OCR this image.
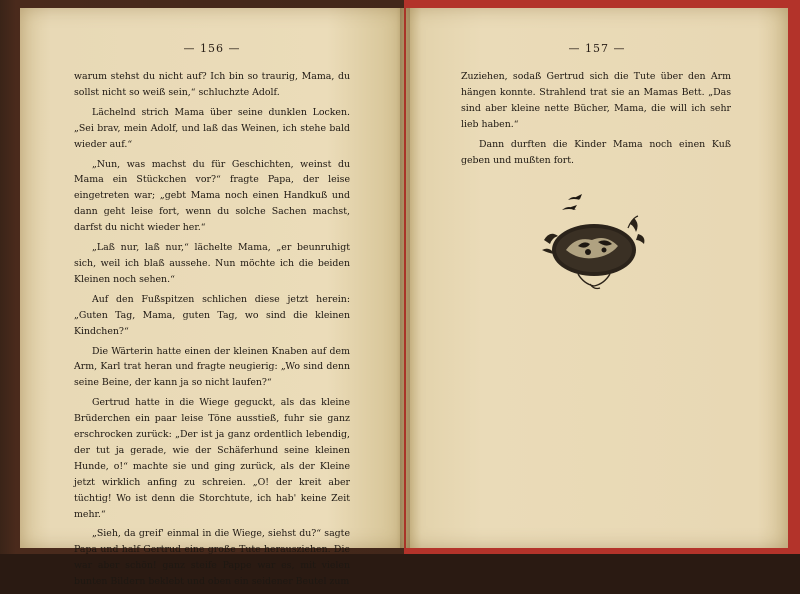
— 156 —

warum stehst du nicht auf? Ich bin so traurig, Mama, du sollst nicht so weiß sein,“ schluchzte Adolf.

Lächelnd strich Mama über seine dunklen Locken. „Sei brav, mein Adolf, und laß das Weinen, ich stehe bald wieder auf.“

„Nun, was machst du für Geschichten, weinst du Mama ein Stückchen vor?“ fragte Papa, der leise eingetreten war; „gebt Mama noch einen Handkuß und dann geht leise fort, wenn du solche Sachen machst, darfst du nicht wieder her.“

„Laß nur, laß nur,“ lächelte Mama, „er beunruhigt sich, weil ich blaß aussehe. Nun möchte ich die beiden Kleinen noch sehen.“

Auf den Fußspitzen schlichen diese jetzt herein: „Guten Tag, Mama, guten Tag, wo sind die kleinen Kindchen?“

Die Wärterin hatte einen der kleinen Knaben auf dem Arm, Karl trat heran und fragte neugierig: „Wo sind denn seine Beine, der kann ja so nicht laufen?“

Gertrud hatte in die Wiege geguckt, als das kleine Brüderchen ein paar leise Töne ausstieß, fuhr sie ganz erschrocken zurück: „Der ist ja ganz ordentlich lebendig, der tut ja gerade, wie der Schäferhund seine kleinen Hunde, o!“ machte sie und ging zurück, als der Kleine jetzt wirklich anfing zu schreien. „O! der kreit aber tüchtig! Wo ist denn die Storchtute, ich hab' keine Zeit mehr.“

„Sieh, da greif' einmal in die Wiege, siehst du?“ sagte Papa und half Gertrud eine große Tute herausziehen. Die war aber schön! ganz steife Pappe war es, mit vielen bunten Bildern beklebt und oben ein seidener Beutel zum

— 157 —

Zuziehen, sodaß Gertrud sich die Tute über den Arm hängen konnte. Strahlend trat sie an Mamas Bett. „Das sind aber kleine nette Bücher, Mama, die will ich sehr lieb haben.“

Dann durften die Kinder Mama noch einen Kuß geben und mußten fort.
